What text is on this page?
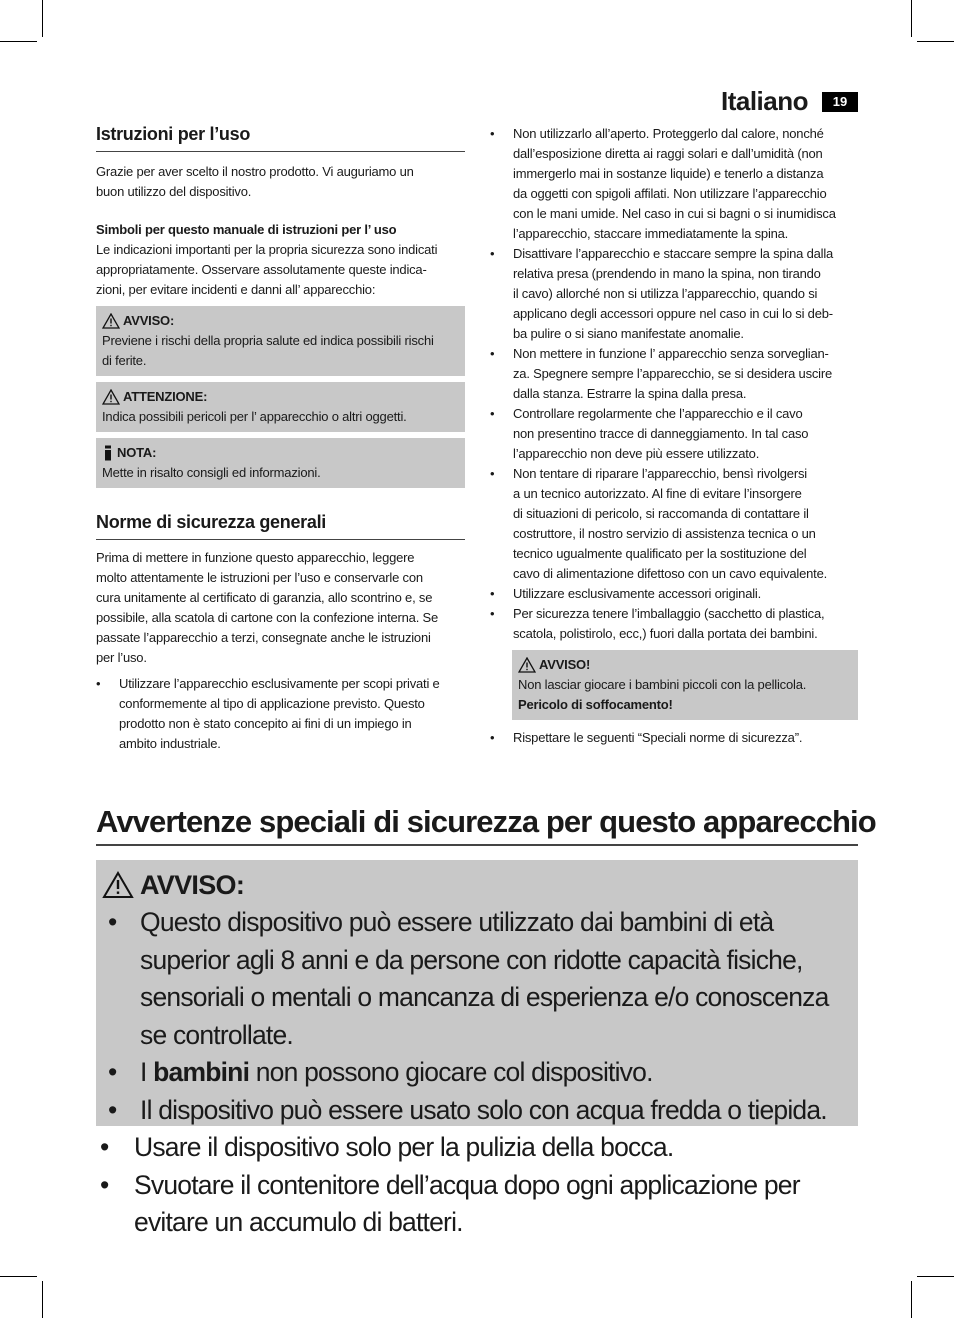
Italiano	19
Istruzioni per l’uso
Grazie per aver scelto il nostro prodotto. Vi auguriamo un
buon utilizzo del dispositivo.
Simboli per questo manuale di istruzioni per l’ uso
Le indicazioni importanti per la propria sicurezza sono indicati
appropriatamente. Osservare assolutamente queste indica-
zioni, per evitare incidenti e danni all’ apparecchio:
AVVISO:
Previene i rischi della propria salute ed indica possibili rischi
di ferite.
ATTENZIONE:
Indica possibili pericoli per l’ apparecchio o altri oggetti.
NOTA:
Mette in risalto consigli ed informazioni.
Norme di sicurezza generali
Prima di mettere in funzione questo apparecchio, leggere
molto attentamente le istruzioni per l’uso e conservarle con
cura unitamente al certificato di garanzia, allo scontrino e, se
possibile, alla scatola di cartone con la confezione interna. Se
passate l’apparecchio a terzi, consegnate anche le istruzioni
per l’uso.
• Utilizzare l’apparecchio esclusivamente per scopi privati e
conformemente al tipo di applicazione previsto. Questo
prodotto non è stato concepito ai fini di un impiego in
ambito industriale.
• Non utilizzarlo all’aperto. Proteggerlo dal calore, nonché
dall’esposizione diretta ai raggi solari e dall’umidità (non
immergerlo mai in sostanze liquide) e tenerlo a distanza
da oggetti con spigoli affilati. Non utilizzare l’apparecchio
con le mani umide. Nel caso in cui si bagni o si inumidisca
l’apparecchio, staccare immediatamente la spina.
• Disattivare l’apparecchio e staccare sempre la spina dalla
relativa presa (prendendo in mano la spina, non tirando
il cavo) allorché non si utilizza l’apparecchio, quando si
applicano degli accessori oppure nel caso in cui lo si deb-
ba pulire o si siano manifestate anomalie.
• Non mettere in funzione l’ apparecchio senza sorveglian-
za. Spegnere sempre l’apparecchio, se si desidera uscire
dalla stanza. Estrarre la spina dalla presa.
• Controllare regolarmente che l’apparecchio e il cavo
non presentino tracce di danneggiamento. In tal caso
l’apparecchio non deve più essere utilizzato.
• Non tentare di riparare l’apparecchio, bensì rivolgersi
a un tecnico autorizzato. Al fine di evitare l’insorgere
di situazioni di pericolo, si raccomanda di contattare il
costruttore, il nostro servizio di assistenza tecnica o un
tecnico ugualmente qualificato per la sostituzione del
cavo di alimentazione difettoso con un cavo equivalente.
• Utilizzare esclusivamente accessori originali.
• Per sicurezza tenere l’imballaggio (sacchetto di plastica,
scatola, polistirolo, ecc,) fuori dalla portata dei bambini.
AVVISO!
Non lasciar giocare i bambini piccoli con la pellicola.
Pericolo di soffocamento!
• Rispettare le seguenti “Speciali norme di sicurezza”.
Avvertenze speciali di sicurezza per questo apparecchio
AVVISO:
• Questo dispositivo può essere utilizzato dai bambini di età
superior agli 8 anni e da persone con ridotte capacità fisiche,
sensoriali o mentali o mancanza di esperienza e/o conoscenza
se controllate.
• I bambini non possono giocare col dispositivo.
• Il dispositivo può essere usato solo con acqua fredda o tiepida.
• Usare il dispositivo solo per la pulizia della bocca.
• Svuotare il contenitore dell’acqua dopo ogni applicazione per
evitare un accumulo di batteri.
